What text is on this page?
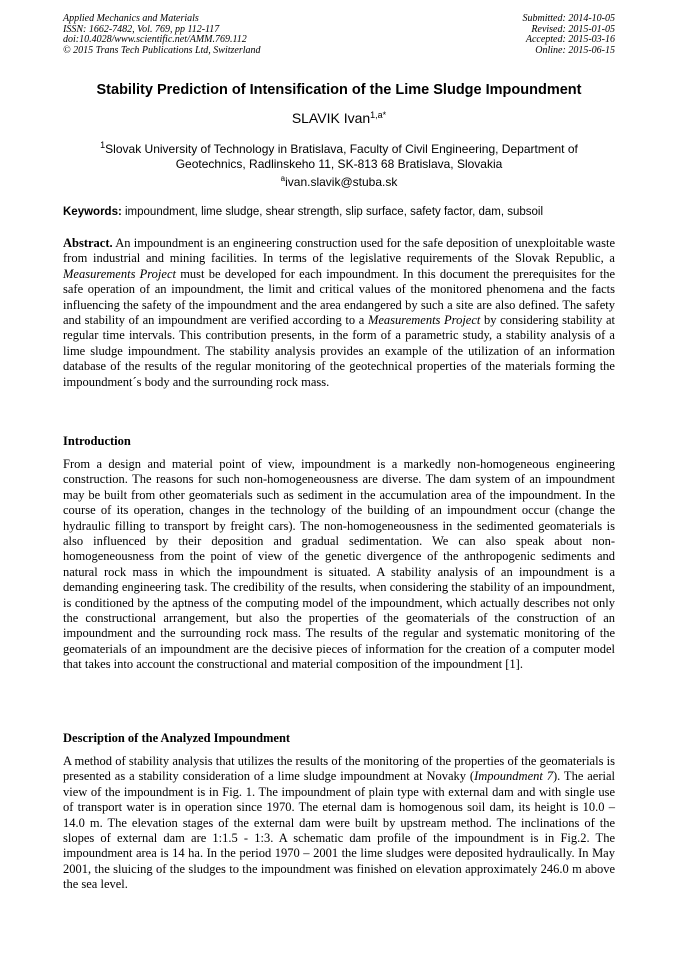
Applied Mechanics and Materials
ISSN: 1662-7482, Vol. 769, pp 112-117
doi:10.4028/www.scientific.net/AMM.769.112
© 2015 Trans Tech Publications Ltd, Switzerland
Submitted: 2014-10-05
Revised: 2015-01-05
Accepted: 2015-03-16
Online: 2015-06-15
Stability Prediction of Intensification of the Lime Sludge Impoundment
SLAVIK Ivan$^{1,a*}$
$^1$Slovak University of Technology in Bratislava, Faculty of Civil Engineering, Department of Geotechnics, Radlinskeho 11, SK-813 68 Bratislava, Slovakia
$^a$ivan.slavik@stuba.sk
Keywords: impoundment, lime sludge, shear strength, slip surface, safety factor, dam, subsoil

Abstract. An impoundment is an engineering construction used for the safe deposition of unexploitable waste from industrial and mining facilities. In terms of the legislative requirements of the Slovak Republic, a Measurements Project must be developed for each impoundment. In this document the prerequisites for the safe operation of an impoundment, the limit and critical values of the monitored phenomena and the facts influencing the safety of the impoundment and the area endangered by such a site are also defined. The safety and stability of an impoundment are verified according to a Measurements Project by considering stability at regular time intervals. This contribution presents, in the form of a parametric study, a stability analysis of a lime sludge impoundment. The stability analysis provides an example of the utilization of an information database of the results of the regular monitoring of the geotechnical properties of the materials forming the impoundment´s body and the surrounding rock mass.

Introduction

From a design and material point of view, impoundment is a markedly non-homogeneous engineering construction. The reasons for such non-homogeneousness are diverse. The dam system of an impoundment may be built from other geomaterials such as sediment in the accumulation area of the impoundment. In the course of its operation, changes in the technology of the building of an impoundment occur (change the hydraulic filling to transport by freight cars). The non-homogeneousness in the sedimented geomaterials is also influenced by their deposition and gradual sedimentation. We can also speak about non-homogeneousness from the point of view of the genetic divergence of the anthropogenic sediments and natural rock mass in which the impoundment is situated. A stability analysis of an impoundment is a demanding engineering task. The credibility of the results, when considering the stability of an impoundment, is conditioned by the aptness of the computing model of the impoundment, which actually describes not only the constructional arrangement, but also the properties of the geomaterials of the construction of an impoundment and the surrounding rock mass. The results of the regular and systematic monitoring of the geomaterials of an impoundment are the decisive pieces of information for the creation of a computer model that takes into account the constructional and material composition of the impoundment [1].

Description of the Analyzed Impoundment

A method of stability analysis that utilizes the results of the monitoring of the properties of the geomaterials is presented as a stability consideration of a lime sludge impoundment at Novaky (Impoundment 7). The aerial view of the impoundment is in Fig. 1. The impoundment of plain type with external dam and with single use of transport water is in operation since 1970. The eternal dam is homogenous soil dam, its height is 10.0 – 14.0 m. The elevation stages of the external dam were built by upstream method. The inclinations of the slopes of external dam are 1:1.5 - 1:3. A schematic dam profile of the impoundment is in Fig.2. The impoundment area is 14 ha. In the period 1970 – 2001 the lime sludges were deposited hydraulically. In May 2001, the sluicing of the sludges to the impoundment was finished on elevation approximately 246.0 m above the sea level.
